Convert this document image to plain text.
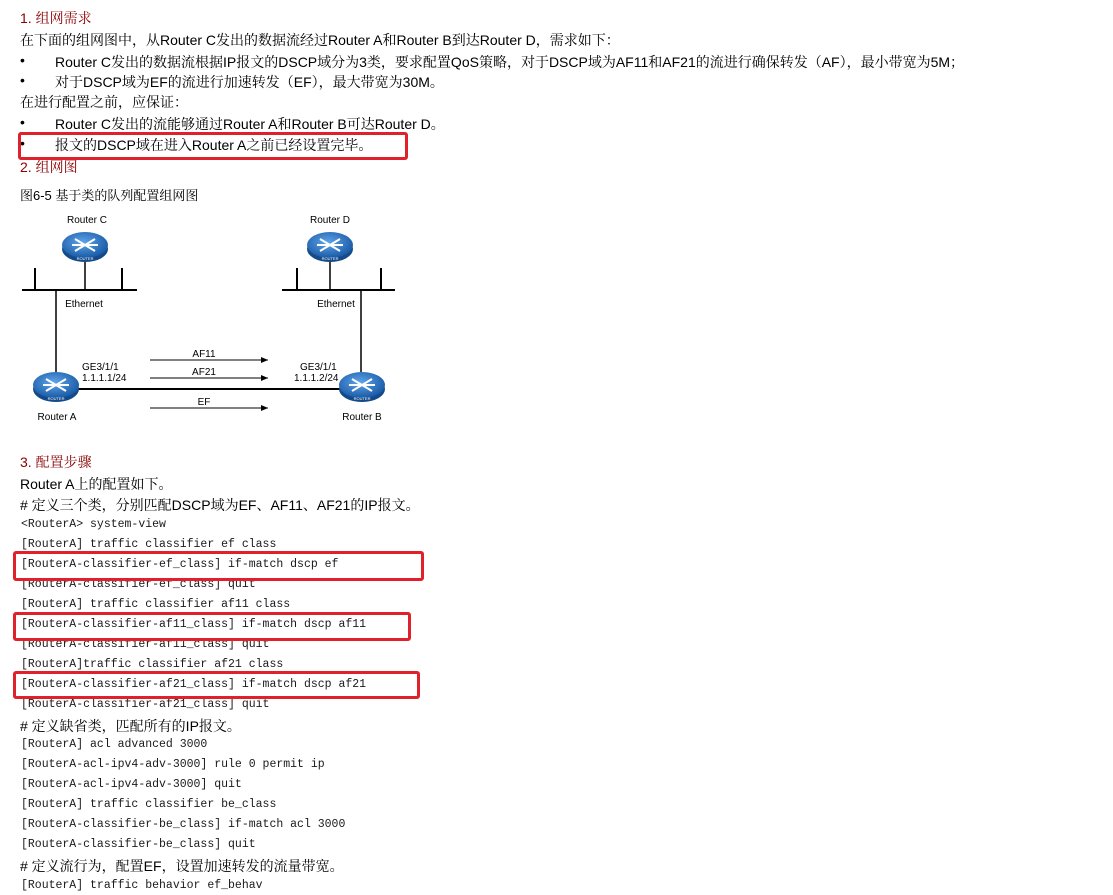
1. 组网需求
在下面的组网图中，从Router C发出的数据流经过Router A和Router B到达Router D，需求如下：
• Router C发出的数据流根据IP报文的DSCP域分为3类，要求配置QoS策略，对于DSCP域为AF11和AF21的流进行确保转发（AF），最小带宽为5M；
• 对于DSCP域为EF的流进行加速转发（EF），最大带宽为30M。
在进行配置之前，应保证：
• Router C发出的流能够通过Router A和Router B可达Router D。
• 报文的DSCP域在进入Router A之前已经设置完毕。
2. 组网图
图6-5 基于类的队列配置组网图
ROUTER	ROUTER
ROUTER	ROUTER
Router C	Router D
Ethernet	Ethernet
GE3/1/1
1.1.1.1/24
GE3/1/1
1.1.1.2/24
AF11
AF21
EF
Router A	Router B
3. 配置步骤
Router A上的配置如下。
# 定义三个类，分别匹配DSCP域为EF、AF11、AF21的IP报文。
<RouterA> system-view
[RouterA] traffic classifier ef class
[RouterA-classifier-ef_class] if-match dscp ef
[RouterA-classifier-ef_class] quit
[RouterA] traffic classifier af11 class
[RouterA-classifier-af11_class] if-match dscp af11
[RouterA-classifier-af11_class] quit
[RouterA]traffic classifier af21 class
[RouterA-classifier-af21_class] if-match dscp af21
[RouterA-classifier-af21_class] quit
# 定义缺省类，匹配所有的IP报文。
[RouterA] acl advanced 3000
[RouterA-acl-ipv4-adv-3000] rule 0 permit ip
[RouterA-acl-ipv4-adv-3000] quit
[RouterA] traffic classifier be_class
[RouterA-classifier-be_class] if-match acl 3000
[RouterA-classifier-be_class] quit
# 定义流行为，配置EF，设置加速转发的流量带宽。
[RouterA] traffic behavior ef_behav
